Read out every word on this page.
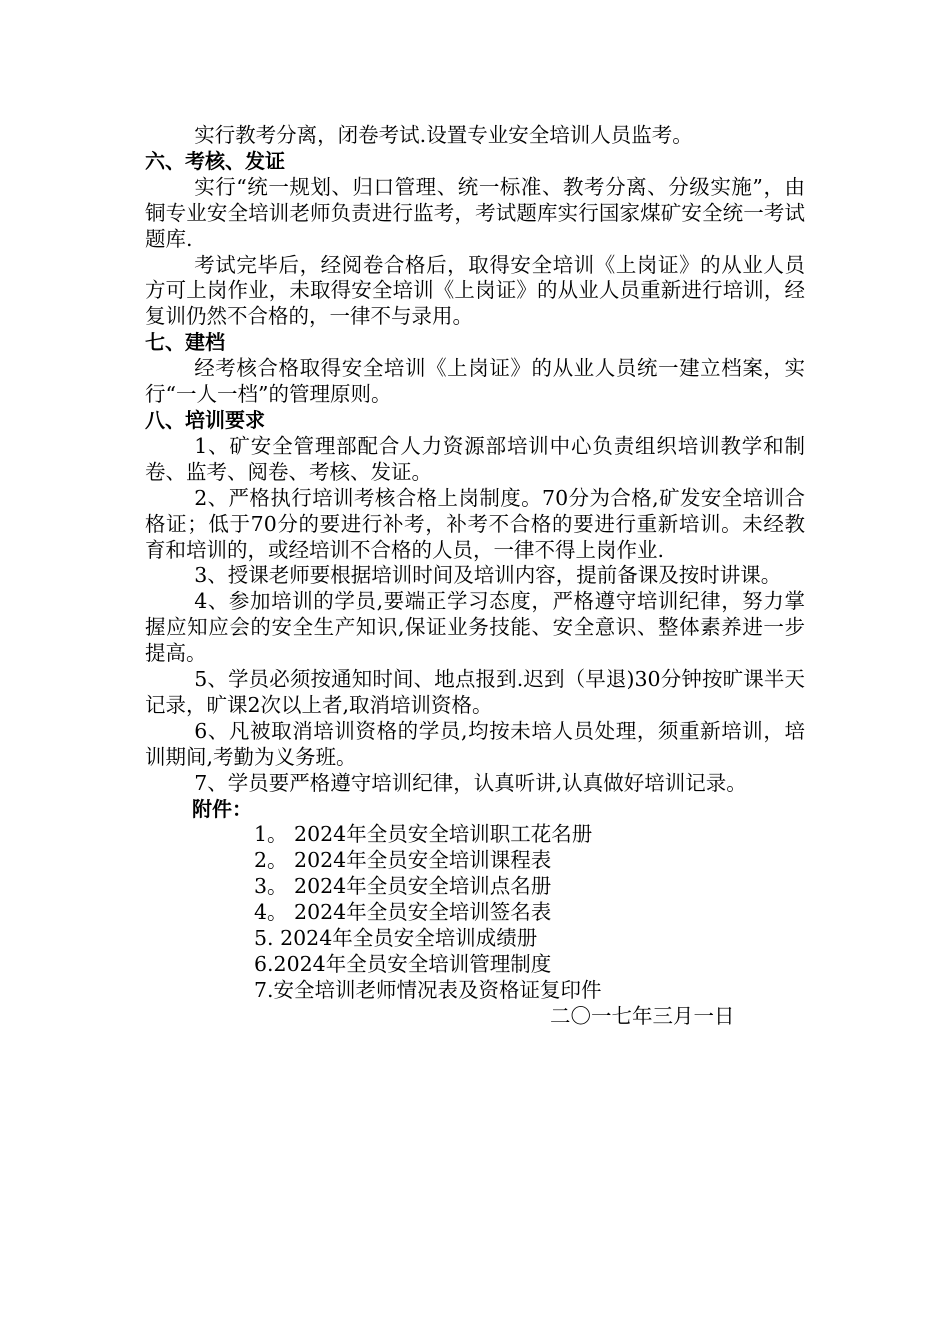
实行教考分离，闭卷考试.设置专业安全培训人员监考。

六、考核、发证

实行“统一规划、归口管理、统一标准、教考分离、分级实施”，由铜专业安全培训老师负责进行监考，考试题库实行国家煤矿安全统一考试题库.

考试完毕后，经阅卷合格后，取得安全培训《上岗证》的从业人员方可上岗作业，未取得安全培训《上岗证》的从业人员重新进行培训，经复训仍然不合格的，一律不与录用。

七、建档

经考核合格取得安全培训《上岗证》的从业人员统一建立档案，实行“一人一档”的管理原则。

八、培训要求

1、矿安全管理部配合人力资源部培训中心负责组织培训教学和制卷、监考、阅卷、考核、发证。

2、严格执行培训考核合格上岗制度。70分为合格,矿发安全培训合格证；低于70分的要进行补考，补考不合格的要进行重新培训。未经教育和培训的，或经培训不合格的人员，一律不得上岗作业.

3、授课老师要根据培训时间及培训内容，提前备课及按时讲课。

4、参加培训的学员,要端正学习态度，严格遵守培训纪律，努力掌握应知应会的安全生产知识,保证业务技能、安全意识、整体素养进一步提高。

5、学员必须按通知时间、地点报到.迟到（早退)30分钟按旷课半天记录，旷课2次以上者,取消培训资格。

6、凡被取消培训资格的学员,均按未培人员处理，须重新培训，培训期间,考勤为义务班。

7、学员要严格遵守培训纪律，认真听讲,认真做好培训记录。

附件：

1。 2024年全员安全培训职工花名册
2。 2024年全员安全培训课程表
3。 2024年全员安全培训点名册
4。 2024年全员安全培训签名表
5. 2024年全员安全培训成绩册
6.2024年全员安全培训管理制度
7.安全培训老师情况表及资格证复印件

二〇一七年三月一日
